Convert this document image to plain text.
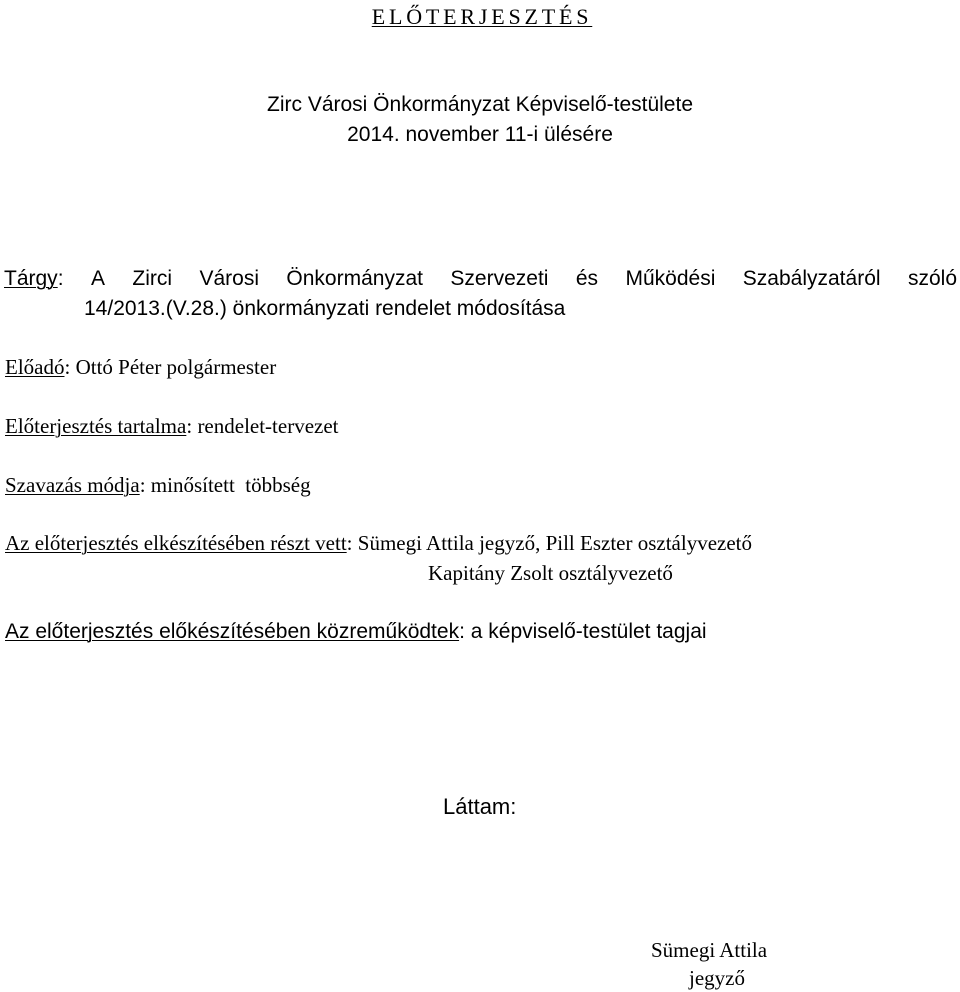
ELŐTERJESZTÉS

Zirc Városi Önkormányzat Képviselő-testülete

2014. november 11-i ülésére

Tárgy: A Zirci Városi Önkormányzat Szervezeti és Működési Szabályzatáról szóló

14/2013.(V.28.) önkormányzati rendelet módosítása

Előadó: Ottó Péter polgármester

Előterjesztés tartalma: rendelet-tervezet

Szavazás módja: minősített  többség

Az előterjesztés elkészítésében részt vett: Sümegi Attila jegyző, Pill Eszter osztályvezető

Kapitány Zsolt osztályvezető

Az előterjesztés előkészítésében közreműködtek: a képviselő-testület tagjai

Láttam:

Sümegi Attila

jegyző
